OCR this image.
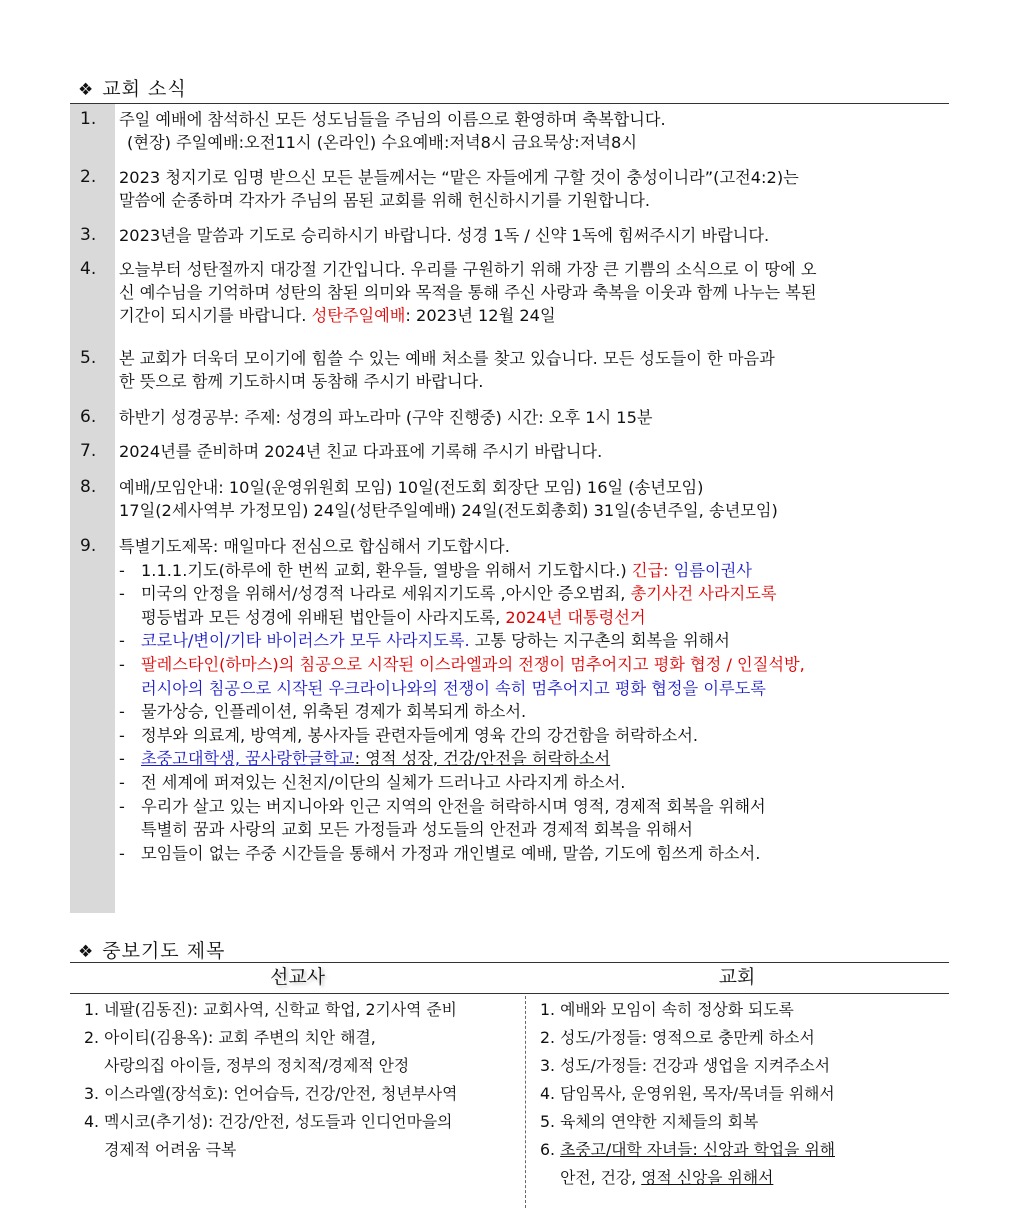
❖ 교회 소식
1.	주일 예배에 참석하신 모든 성도님들을 주님의 이름으로 환영하며 축복합니다.
(현장) 주일예배:오전11시 (온라인) 수요예배:저녁8시 금요묵상:저녁8시
2.	2023 청지기로 임명 받으신 모든 분들께서는 “맡은 자들에게 구할 것이 충성이니라”(고전4:2)는
말씀에 순종하며 각자가 주님의 몸된 교회를 위해 헌신하시기를 기원합니다.
3.	2023년을 말씀과 기도로 승리하시기 바랍니다. 성경 1독 / 신약 1독에 힘써주시기 바랍니다.
4.	오늘부터 성탄절까지 대강절 기간입니다. 우리를 구원하기 위해 가장 큰 기쁨의 소식으로 이 땅에 오
신 예수님을 기억하며 성탄의 참된 의미와 목적을 통해 주신 사랑과 축복을 이웃과 함께 나누는 복된
기간이 되시기를 바랍니다. 성탄주일예배: 2023년 12월 24일
5.	본 교회가 더욱더 모이기에 힘쓸 수 있는 예배 처소를 찾고 있습니다. 모든 성도들이 한 마음과
한 뜻으로 함께 기도하시며 동참해 주시기 바랍니다.
6.	하반기 성경공부: 주제: 성경의 파노라마 (구약 진행중) 시간: 오후 1시 15분
7.	2024년를 준비하며 2024년 친교 다과표에 기록해 주시기 바랍니다.
8.	예배/모임안내: 10일(운영위원회 모임) 10일(전도회 회장단 모임) 16일 (송년모임)
17일(2세사역부 가정모임) 24일(성탄주일예배) 24일(전도회총회) 31일(송년주일, 송년모임)
9.	특별기도제목: 매일마다 전심으로 합심해서 기도합시다.
- 1.1.1.기도(하루에 한 번씩 교회, 환우들, 열방을 위해서 기도합시다.) 긴급: 임름이권사
- 미국의 안정을 위해서/성경적 나라로 세워지기도록 ,아시안 증오범죄, 총기사건 사라지도록
평등법과 모든 성경에 위배된 법안들이 사라지도록, 2024년 대통령선거
- 코로나/변이/기타 바이러스가 모두 사라지도록. 고통 당하는 지구촌의 회복을 위해서
- 팔레스타인(하마스)의 침공으로 시작된 이스라엘과의 전쟁이 멈추어지고 평화 협정 / 인질석방,
러시아의 침공으로 시작된 우크라이나와의 전쟁이 속히 멈추어지고 평화 협정을 이루도록
- 물가상승, 인플레이션, 위축된 경제가 회복되게 하소서.
- 정부와 의료계, 방역계, 봉사자들 관련자들에게 영육 간의 강건함을 허락하소서.
- 초중고대학생, 꿈사랑한글학교: 영적 성장, 건강/안전을 허락하소서
- 전 세계에 퍼져있는 신천지/이단의 실체가 드러나고 사라지게 하소서.
- 우리가 살고 있는 버지니아와 인근 지역의 안전을 허락하시며 영적, 경제적 회복을 위해서
특별히 꿈과 사랑의 교회 모든 가정들과 성도들의 안전과 경제적 회복을 위해서
- 모임들이 없는 주중 시간들을 통해서 가정과 개인별로 예배, 말씀, 기도에 힘쓰게 하소서.
❖ 중보기도 제목
선교사	교회
1. 네팔(김동진): 교회사역, 신학교 학업, 2기사역 준비
2. 아이티(김용옥): 교회 주변의 치안 해결,
사랑의집 아이들, 정부의 정치적/경제적 안정
3. 이스라엘(장석호): 언어습득, 건강/안전, 청년부사역
4. 멕시코(추기성): 건강/안전, 성도들과 인디언마을의
경제적 어려움 극복
1. 예배와 모임이 속히 정상화 되도록
2. 성도/가정들: 영적으로 충만케 하소서
3. 성도/가정들: 건강과 생업을 지켜주소서
4. 담임목사, 운영위원, 목자/목녀들 위해서
5. 육체의 연약한 지체들의 회복
6. 초중고/대학 자녀들: 신앙과 학업을 위해
안전, 건강, 영적 신앙을 위해서
